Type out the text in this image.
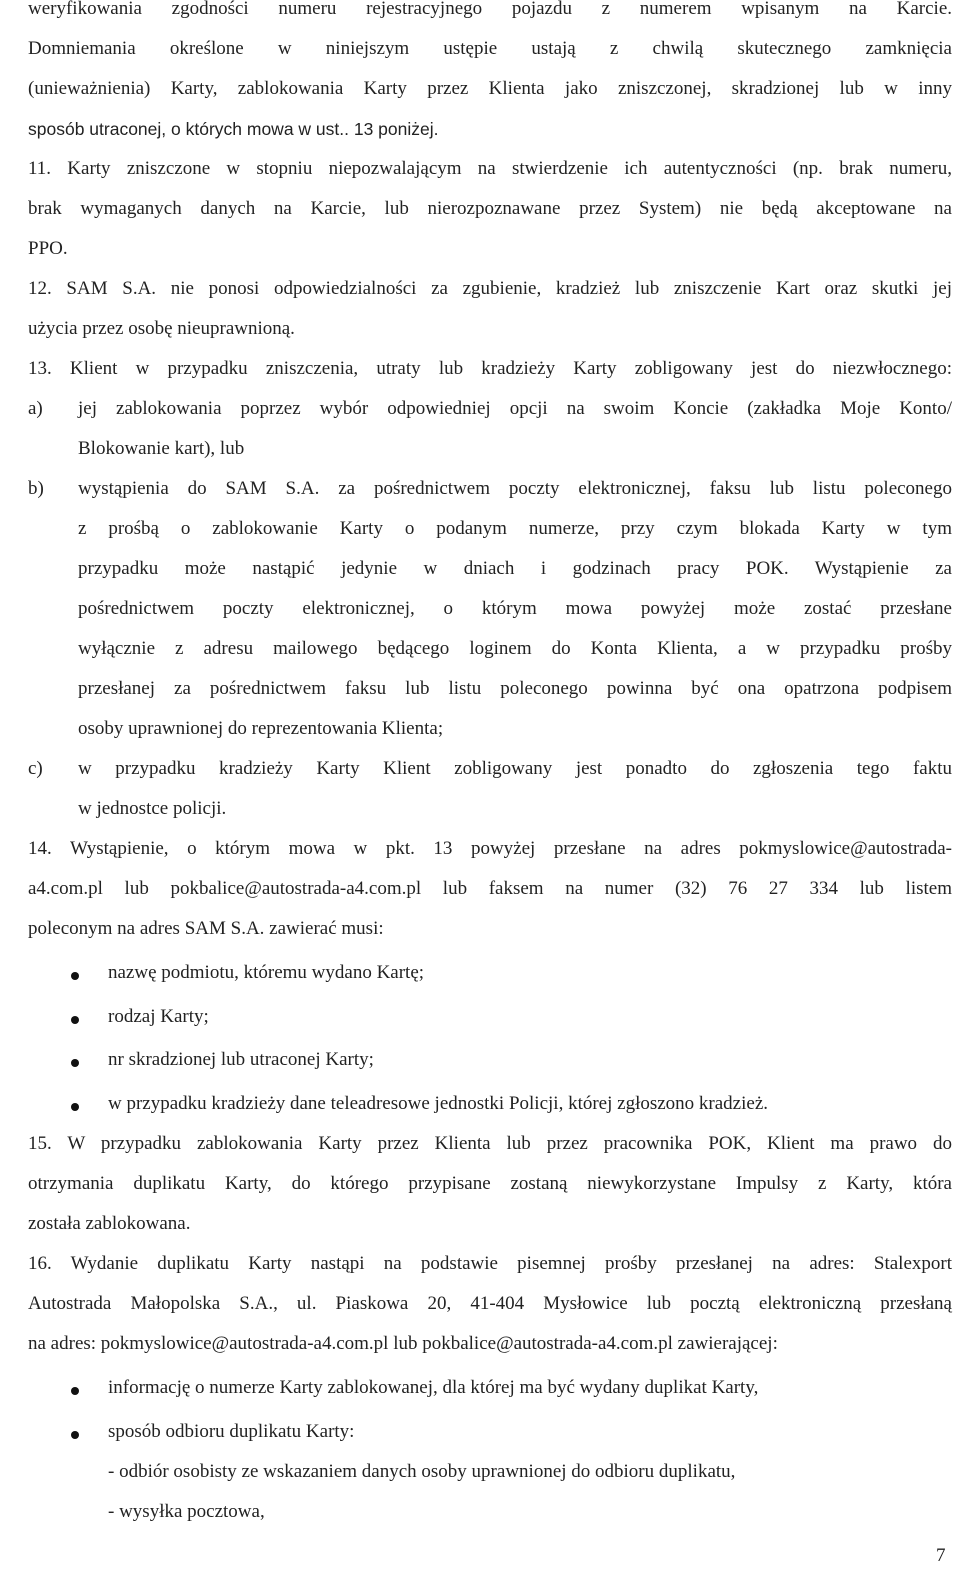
weryfikowania zgodności numeru rejestracyjnego pojazdu z numerem wpisanym na Karcie.
Domniemania określone w niniejszym ustępie ustają z chwilą skutecznego zamknięcia
(unieważnienia) Karty, zablokowania Karty przez Klienta jako zniszczonej, skradzionej lub w inny
sposób utraconej, o których mowa w ust.. 13 poniżej.
11. Karty zniszczone w stopniu niepozwalającym na stwierdzenie ich autentyczności (np. brak numeru,
brak wymaganych danych na Karcie, lub nierozpoznawane przez System) nie będą akceptowane na
PPO.
12. SAM S.A. nie ponosi odpowiedzialności za zgubienie, kradzież lub zniszczenie Kart oraz skutki jej
użycia przez osobę nieuprawnioną.
13. Klient w przypadku zniszczenia, utraty lub kradzieży Karty zobligowany jest do niezwłocznego:
a) jej zablokowania poprzez wybór odpowiedniej opcji na swoim Koncie (zakładka Moje Konto/
Blokowanie kart), lub
b) wystąpienia do SAM S.A. za pośrednictwem poczty elektronicznej, faksu lub listu poleconego
z prośbą o zablokowanie Karty o podanym numerze, przy czym blokada Karty w tym
przypadku może nastąpić jedynie w dniach i godzinach pracy POK. Wystąpienie za
pośrednictwem poczty elektronicznej, o którym mowa powyżej może zostać przesłane
wyłącznie z adresu mailowego będącego loginem do Konta Klienta, a w przypadku prośby
przesłanej za pośrednictwem faksu lub listu poleconego powinna być ona opatrzona podpisem
osoby uprawnionej do reprezentowania Klienta;
c) w przypadku kradzieży Karty Klient zobligowany jest ponadto do zgłoszenia tego faktu
w jednostce policji.
14. Wystąpienie, o którym mowa w pkt. 13 powyżej przesłane na adres pokmyslowice@autostrada-
a4.com.pl lub pokbalice@autostrada-a4.com.pl lub faksem na numer (32) 76 27 334 lub listem
poleconym na adres SAM S.A. zawierać musi:
nazwę podmiotu, któremu wydano Kartę;
rodzaj Karty;
nr skradzionej lub utraconej Karty;
w przypadku kradzieży dane teleadresowe jednostki Policji, której zgłoszono kradzież.
15. W przypadku zablokowania Karty przez Klienta lub przez pracownika POK, Klient ma prawo do
otrzymania duplikatu Karty, do którego przypisane zostaną niewykorzystane Impulsy z Karty, która
została zablokowana.
16. Wydanie duplikatu Karty nastąpi na podstawie pisemnej prośby przesłanej na adres: Stalexport
Autostrada Małopolska S.A., ul. Piaskowa 20, 41-404 Mysłowice lub pocztą elektroniczną przesłaną
na adres: pokmyslowice@autostrada-a4.com.pl lub pokbalice@autostrada-a4.com.pl zawierającej:
informację o numerze Karty zablokowanej, dla której ma być wydany duplikat Karty,
sposób odbioru duplikatu Karty:
- odbiór osobisty ze wskazaniem danych osoby uprawnionej do odbioru duplikatu,
- wysyłka pocztowa,
7
